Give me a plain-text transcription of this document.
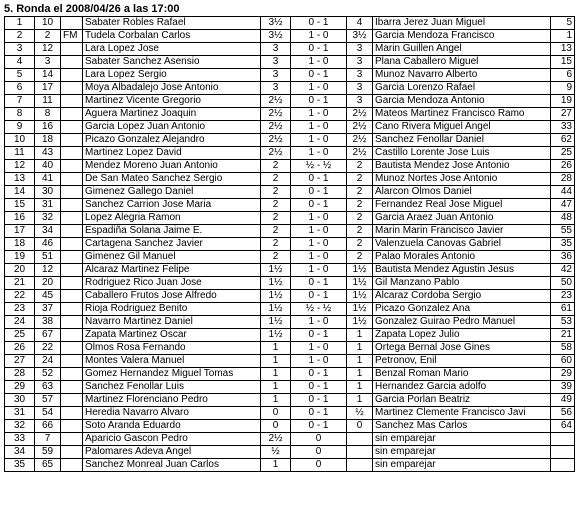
5. Ronda el 2008/04/26 a las 17:00
1	10		Sabater Robles Rafael	3½	0 - 1	4	Ibarra Jerez Juan Miguel	5
2	2	FM	Tudela Corbalan Carlos	3½	1 - 0	3½	Garcia Mendoza Francisco	1
3	12		Lara Lopez Jose	3	0 - 1	3	Marin Guillen Angel	13
4	3		Sabater Sanchez Asensio	3	1 - 0	3	Plana Caballero Miguel	15
5	14		Lara Lopez Sergio	3	0 - 1	3	Munoz Navarro Alberto	6
6	17		Moya Albadalejo Jose Antonio	3	1 - 0	3	Garcia Lorenzo Rafael	9
7	11		Martinez Vicente Gregorio	2½	0 - 1	3	Garcia Mendoza Antonio	19
8	8		Aguera Martinez Joaquin	2½	1 - 0	2½	Mateos Martinez Francisco Ramo	27
9	16		Garcia Lopez Juan Antonio	2½	1 - 0	2½	Cano Rivera Miguel Angel	33
10	18		Picazo Gonzalez Alejandro	2½	1 - 0	2½	Sanchez Fenollar Daniel	62
11	43		Martinez Lopez David	2½	1 - 0	2½	Castillo Lorente Jose Luis	25
12	40		Mendez Moreno Juan Antonio	2	½ - ½	2	Bautista Mendez Jose Antonio	26
13	41		De San Mateo Sanchez Sergio	2	0 - 1	2	Munoz Nortes Jose Antonio	28
14	30		Gimenez Gallego Daniel	2	0 - 1	2	Alarcon Olmos Daniel	44
15	31		Sanchez Carrion Jose Maria	2	0 - 1	2	Fernandez Real Jose Miguel	47
16	32		Lopez Alegria Ramon	2	1 - 0	2	Garcia Araez Juan Antonio	48
17	34		Espadiña Solana Jaime E.	2	1 - 0	2	Marin Marin Francisco Javier	55
18	46		Cartagena Sanchez Javier	2	1 - 0	2	Valenzuela Canovas Gabriel	35
19	51		Gimenez Gil Manuel	2	1 - 0	2	Palao Morales Antonio	36
20	12		Alcaraz Martinez Felipe	1½	1 - 0	1½	Bautista Mendez Agustin Jesus	42
21	20		Rodriguez Rico Juan Jose	1½	0 - 1	1½	Gil Manzano Pablo	50
22	45		Caballero Frutos Jose Alfredo	1½	0 - 1	1½	Alcaraz Cordoba Sergio	23
23	37		Rioja Rodriguez Benito	1½	½ - ½	1½	Picazo Gonzalez Ana	61
24	38		Navarro Martinez Daniel	1½	1 - 0	1½	Gonzalez Guirao Pedro Manuel	53
25	67		Zapata Martinez Oscar	1½	0 - 1	1	Zapata Lopez Julio	21
26	22		Olmos Rosa Fernando	1	1 - 0	1	Ortega Bernal Jose Gines	58
27	24		Montes Valera Manuel	1	1 - 0	1	Petronov, Enil	60
28	52		Gomez Hernandez Miguel Tomas	1	0 - 1	1	Benzal Roman Mario	29
29	63		Sanchez Fenollar Luis	1	0 - 1	1	Hernandez Garcia adolfo	39
30	57		Martinez Florenciano Pedro	1	0 - 1	1	Garcia Porlan Beatriz	49
31	54		Heredia Navarro Alvaro	0	0 - 1	½	Martinez Clemente Francisco Javi	56
32	66		Soto Aranda Eduardo	0	0 - 1	0	Sanchez Mas Carlos	64
33	7		Aparicio Gascon Pedro	2½	0		sin emparejar	
34	59		Palomares Adeva Angel	½	0		sin emparejar	
35	65		Sanchez Monreal Juan Carlos	1	0		sin emparejar	
